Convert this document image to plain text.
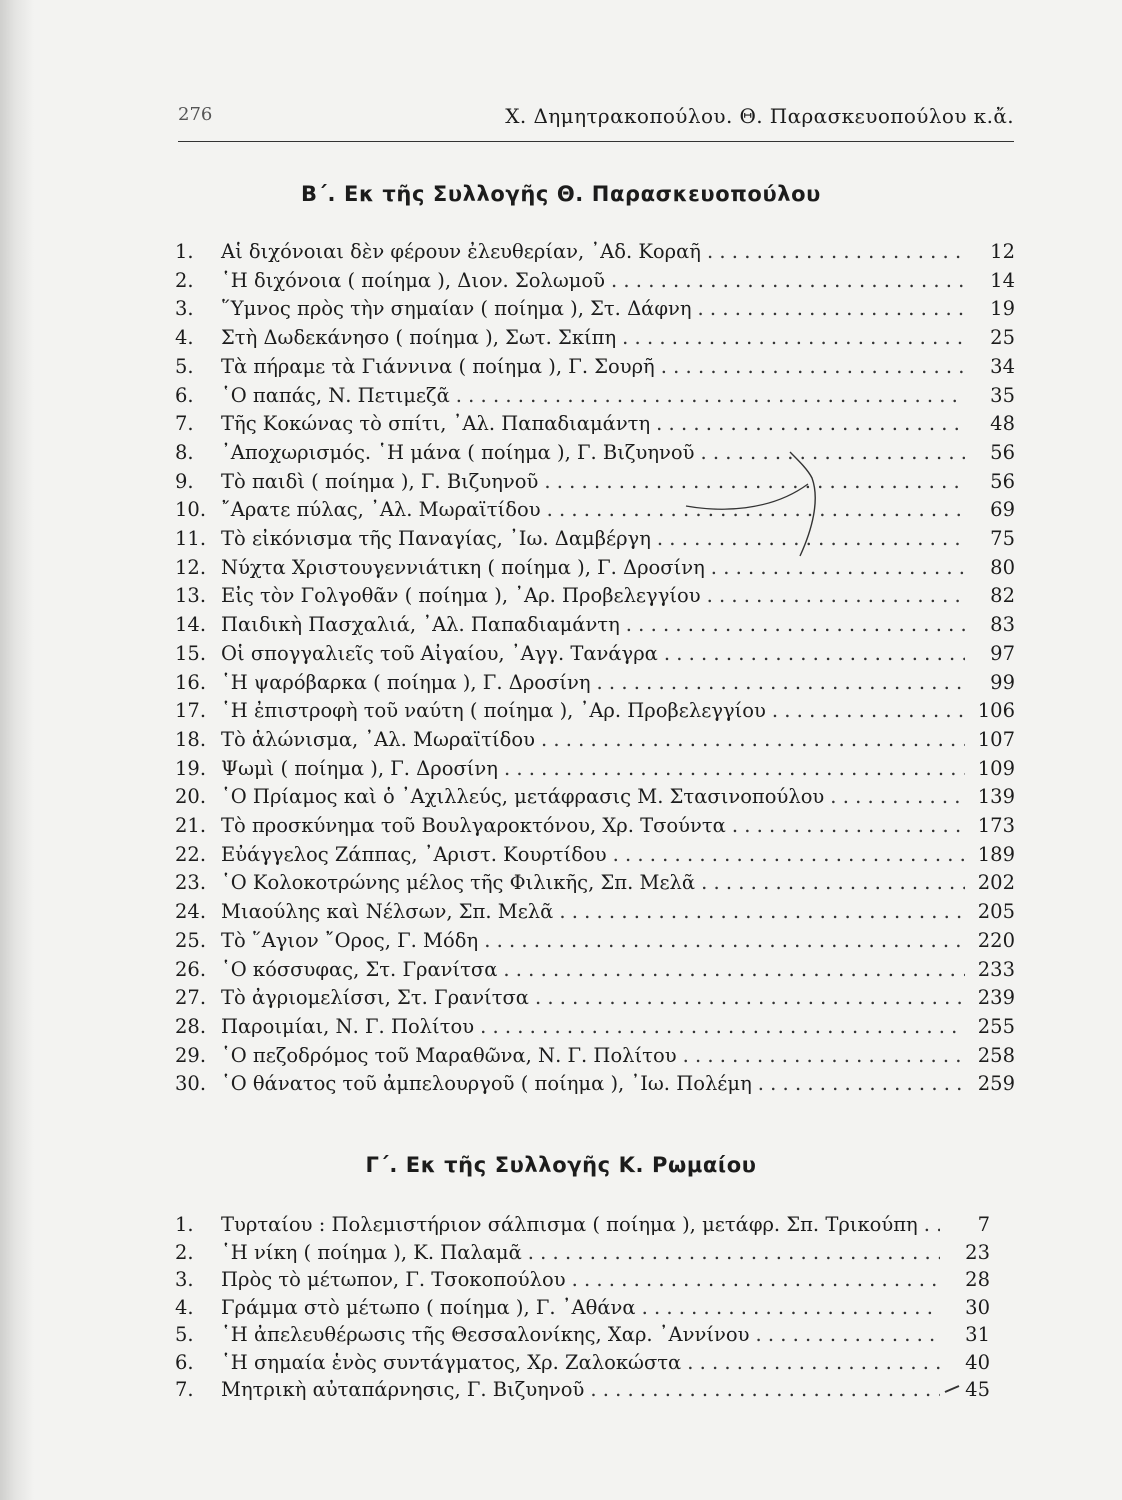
276	Χ. Δημητρακοπούλου. Θ. Παρασκευοπούλου κ.ἄ.
Β΄. Εκ τῆς Συλλογῆς Θ. Παρασκευοπούλου
1.	Αἱ διχόνοιαι δὲν φέρουν ἐλευθερίαν, ᾿Αδ. Κοραῆ . . .	12
2.	῾Η διχόνοια ( ποίημα ), Διον. Σολωμοῦ . . .	14
3.	῞Υμνος πρὸς τὴν σημαίαν ( ποίημα ), Στ. Δάφνη . . .	19
4.	Στὴ Δωδεκάνησο ( ποίημα ), Σωτ. Σκίπη . . .	25
5.	Τὰ πήραμε τὰ Γιάννινα ( ποίημα ), Γ. Σουρῆ . . .	34
6.	῾Ο παπάς, Ν. Πετιμεζᾶ . . .	35
7.	Τῆς Κοκώνας τὸ σπίτι, ᾿Αλ. Παπαδιαμάντη . . .	48
8.	᾿Αποχωρισμός. ῾Η μάνα ( ποίημα ), Γ. Βιζυηνοῦ . . .	56
9.	Τὸ παιδὶ ( ποίημα ), Γ. Βιζυηνοῦ . . .	56
10. ῎Αρατε πύλας, ᾿Αλ. Μωραϊτίδου . . .	69
11. Τὸ εἰκόνισμα τῆς Παναγίας, ᾿Ιω. Δαμβέργη . . .	75
12. Νύχτα Χριστουγεννιάτικη ( ποίημα ), Γ. Δροσίνη . . .	80
13. Εἰς τὸν Γολγοθᾶν ( ποίημα ), ᾿Αρ. Προβελεγγίου . . .	82
14. Παιδικὴ Πασχαλιά, ᾿Αλ. Παπαδιαμάντη . . .	83
15. Οἱ σπογγαλιεῖς τοῦ Αἰγαίου, ᾿Αγγ. Τανάγρα . . .	97
16. ῾Η ψαρόβαρκα ( ποίημα ), Γ. Δροσίνη . . .	99
17. ῾Η ἐπιστροφὴ τοῦ ναύτη ( ποίημα ), ᾿Αρ. Προβελεγγίου . . .	106
18. Τὸ ἁλώνισμα, ᾿Αλ. Μωραϊτίδου . . .	107
19. Ψωμὶ ( ποίημα ), Γ. Δροσίνη . . .	109
20. ῾Ο Πρίαμος καὶ ὁ ᾿Αχιλλεύς, μετάφρασις Μ. Στασινοπούλου . . .	139
21. Τὸ προσκύνημα τοῦ Βουλγαροκτόνου, Χρ. Τσούντα . . .	173
22. Εὐάγγελος Ζάππας, ᾿Αριστ. Κουρτίδου . . .	189
23. ῾Ο Κολοκοτρώνης μέλος τῆς Φιλικῆς, Σπ. Μελᾶ . . .	202
24. Μιαούλης καὶ Νέλσων, Σπ. Μελᾶ . . .	205
25. Τὸ ῞Αγιον ῎Ορος, Γ. Μόδη . . .	220
26. ῾Ο κόσσυφας, Στ. Γρανίτσα . . .	233
27. Τὸ ἀγριομελίσσι, Στ. Γρανίτσα . . .	239
28. Παροιμίαι, Ν. Γ. Πολίτου . . .	255
29. ῾Ο πεζοδρόμος τοῦ Μαραθῶνα, Ν. Γ. Πολίτου . . .	258
30. ῾Ο θάνατος τοῦ ἀμπελουργοῦ ( ποίημα ), ᾿Ιω. Πολέμη . . .	259
Γ΄. Εκ τῆς Συλλογῆς Κ. Ρωμαίου
1.	Τυρταίου : Πολεμιστήριον σάλπισμα ( ποίημα ), μετάφρ. Σπ. Τρικούπη . . .	7
2.	῾Η νίκη ( ποίημα ), Κ. Παλαμᾶ . . .	23
3.	Πρὸς τὸ μέτωπον, Γ. Τσοκοπούλου . . .	28
4.	Γράμμα στὸ μέτωπο ( ποίημα ), Γ. ᾿Αθάνα . . .	30
5.	῾Η ἀπελευθέρωσις τῆς Θεσσαλονίκης, Χαρ. ᾿Αννίνου . . .	31
6.	῾Η σημαία ἑνὸς συντάγματος, Χρ. Ζαλοκώστα . . .	40
7.	Μητρικὴ αὐταπάρνησις, Γ. Βιζυηνοῦ . . .	45
